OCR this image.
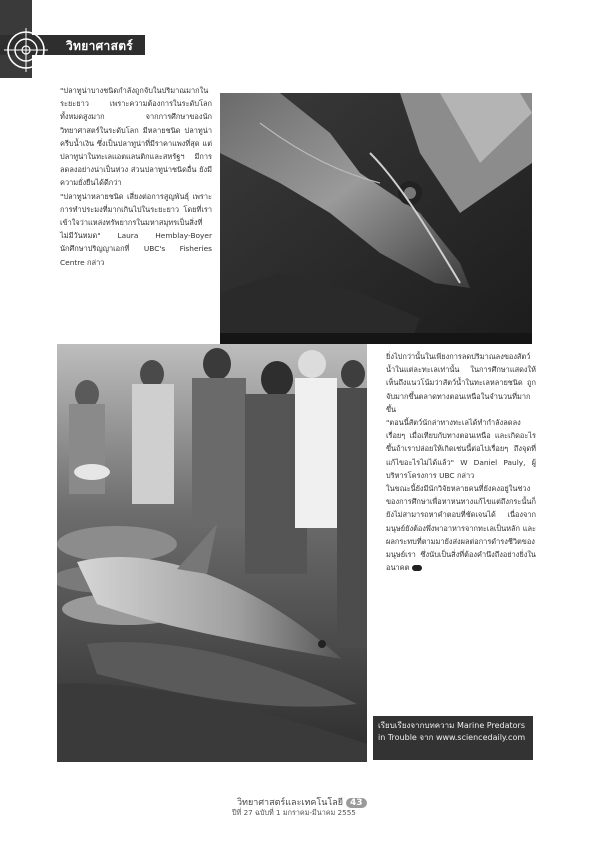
วิทยาศาสตร์

"ปลาทูน่าบางชนิดกำลังถูกจับในปริมาณมากในระยะยาว เพราะความต้องการในระดับโลกทั้งหมดสูงมาก จากการศึกษาของนักวิทยาศาสตร์ในระดับโลก มีหลายชนิด ปลาทูน่าครีบน้ำเงิน ซึ่งเป็นปลาทูน่าที่มีราคาแพงที่สุด แต่ปลาทูน่าในทะเลแอตแลนติกและสหรัฐฯ มีการลดลงอย่างน่าเป็นห่วง ส่วนปลาทูน่าชนิดอื่น ยังมีความยั่งยืนได้ดีกว่า

"ปลาทูน่าหลายชนิด เสี่ยงต่อการสูญพันธุ์ เพราะการทำประมงที่มากเกินไปในระยะยาว โดยที่เราเข้าใจว่าแหล่งทรัพยากรในมหาสมุทรเป็นสิ่งที่ไม่มีวันหมด" Laura Hemblay-Boyer นักศึกษาปริญญาเอกที่ UBC's Fisheries Centre กล่าว

ยิ่งไปกว่านั้นในเพียงการลดปริมาณลงของสัตว์น้ำในแต่ละทะเลเท่านั้น ในการศึกษาแสดงให้เห็นถึงแนวโน้มว่าสัตว์น้ำในทะเลหลายชนิด ถูกจับมากขึ้นตลาดทางตอนเหนือในจำนวนที่มากขึ้น

"ตอนนี้สัตว์นักล่าทางทะเลได้ทำกำลังลดลงเรื่อยๆ เมื่อเทียบกับทางตอนเหนือ และเกิดอะไรขึ้นถ้าเราปล่อยให้เกิดเช่นนี้ต่อไปเรื่อยๆ ถึงจุดที่แก้ไขอะไรไม่ได้แล้ว" W Daniel Pauly, ผู้บริหารโครงการ UBC กล่าว

ในขณะนี้ยังมีนักวิจัยหลายคนที่ยังคงอยู่ในช่วงของการศึกษาเพื่อหาหนทางแก้ไขแต่ถึงกระนั้นก็ยังไม่สามารถหาคำตอบที่ชัดเจนได้ เนื่องจากมนุษย์ยังต้องพึ่งพาอาหารจากทะเลเป็นหลัก และผลกระทบที่ตามมายังส่งผลต่อการดำรงชีวิตของมนุษย์เรา ซึ่งนับเป็นสิ่งที่ต้องคำนึงถึงอย่างยิ่งในอนาคต

เรียบเรียงจากบทความ Marine Predators in Trouble จาก www.sciencedaily.com
วิทยาศาสตร์และเทคโนโลยี 43
ปีที่ 27 ฉบับที่ 1 มกราคม-มีนาคม 2555
